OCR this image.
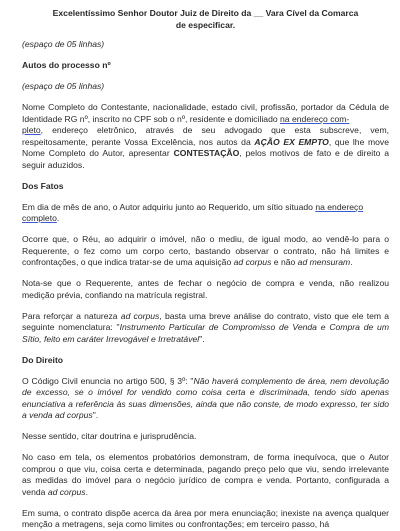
Excelentíssimo Senhor Doutor Juiz de Direito da __ Vara Cível da Comarca
de especificar.

(espaço de 05 linhas)

Autos do processo nº

(espaço de 05 linhas)

Nome Completo do Contestante, nacionalidade, estado civil, profissão, portador da Cédula de Identidade RG nº, inscrito no CPF sob o nº, residente e domiciliado na endereço com-
pleto, endereço eletrônico, através de seu advogado que esta subscreve, vem, respeitosamente, perante Vossa Excelência, nos autos da AÇÃO EX EMPTO, que lhe move Nome Completo do Autor, apresentar CONTESTAÇÃO, pelos motivos de fato e de direito a seguir aduzidos.

Dos Fatos

Em dia de mês de ano, o Autor adquiriu junto ao Requerido, um sítio situado na endereço
completo.

Ocorre que, o Réu, ao adquirir o imóvel, não o mediu, de igual modo, ao vendê-lo para o Requerente, o fez como um corpo certo, bastando observar o contrato, não há limites e confrontações, o que indica tratar-se de uma aquisição ad corpus e não ad mensuram.

Nota-se que o Requerente, antes de fechar o negócio de compra e venda, não realizou medição prévia, confiando na matrícula registral.

Para reforçar a natureza ad corpus, basta uma breve análise do contrato, visto que ele tem a seguinte nomenclatura: "Instrumento Particular de Compromisso de Venda e Compra de um Sítio, feito em caráter Irrevogável e Irretratável".

Do Direito

O Código Civil enuncia no artigo 500, § 3º: "Não haverá complemento de área, nem devolução de excesso, se o imóvel for vendido como coisa certa e discriminada, tendo sido apenas enunciativa a referência às suas dimensões, ainda que não conste, de modo expresso, ter sido a venda ad corpus".

Nesse sentido, citar doutrina e jurisprudência.

No caso em tela, os elementos probatórios demonstram, de forma inequívoca, que o Autor comprou o que viu, coisa certa e determinada, pagando preço pelo que viu, sendo irrelevante as medidas do imóvel para o negócio jurídico de compra e venda. Portanto, configurada a venda ad corpus.

Em suma, o contrato dispõe acerca da área por mera enunciação; inexiste na avença qualquer menção a metragens, seja como limites ou confrontações; em terceiro passo, há
